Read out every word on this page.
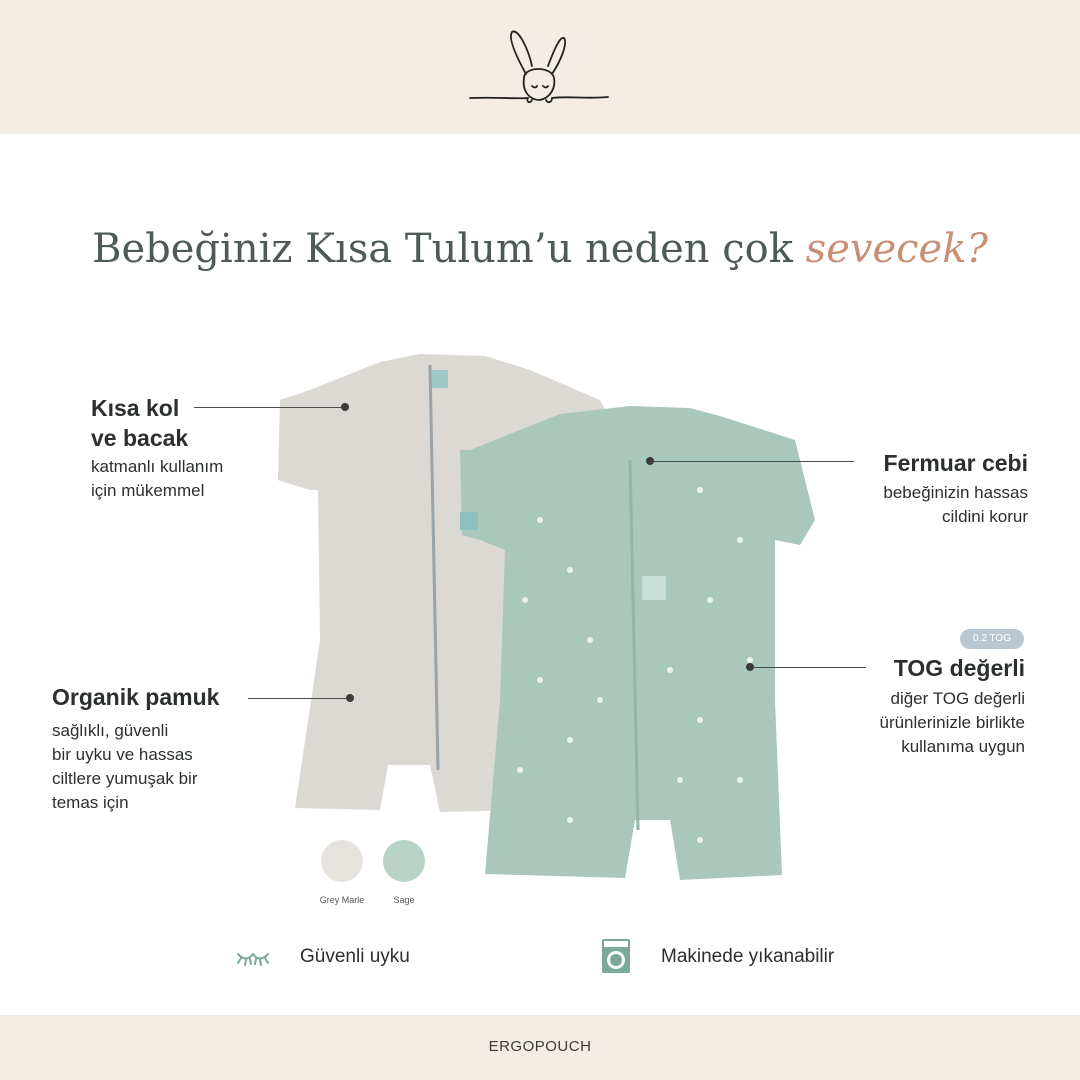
Bebeğiniz Kısa Tulum’u neden çok sevecek?
Kısa kol
ve bacak
katmanlı kullanım
için mükemmel
Organik pamuk
sağlıklı, güvenli
bir uyku ve hassas
ciltlere yumuşak bir
temas için
Fermuar cebi
bebeğinizin hassas
cildini korur
0.2 TOG
TOG değerli
diğer TOG değerli
ürünlerinizle birlikte
kullanıma uygun
Grey Marle	Sage
Güvenli uyku	Makinede yıkanabilir
ERGOPOUCH
